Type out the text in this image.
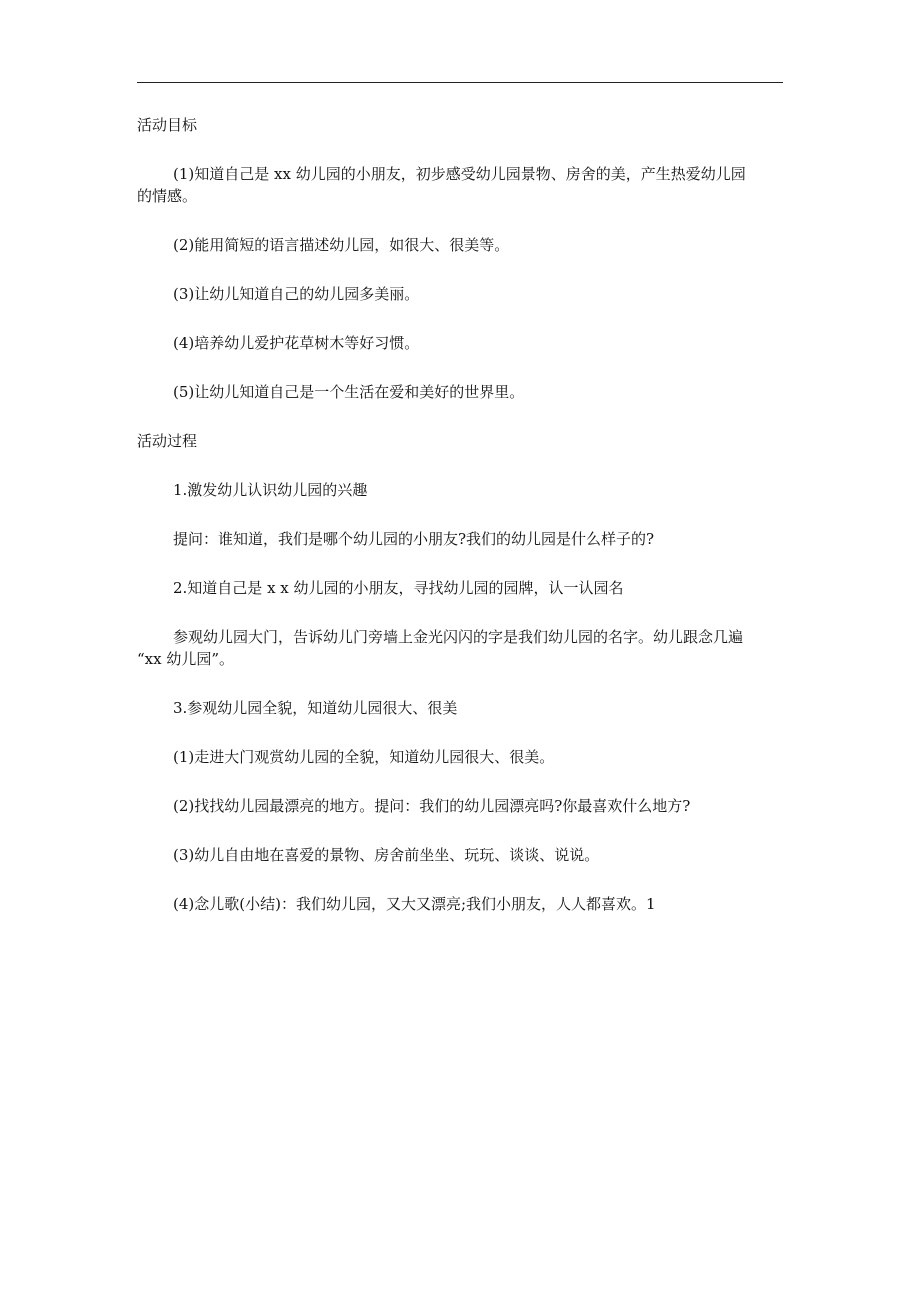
活动目标

(1)知道自己是 xx 幼儿园的小朋友，初步感受幼儿园景物、房舍的美，产生热爱幼儿园

的情感。

(2)能用简短的语言描述幼儿园，如很大、很美等。

(3)让幼儿知道自己的幼儿园多美丽。

(4)培养幼儿爱护花草树木等好习惯。

(5)让幼儿知道自己是一个生活在爱和美好的世界里。

活动过程

1.激发幼儿认识幼儿园的兴趣

提问：谁知道，我们是哪个幼儿园的小朋友?我们的幼儿园是什么样子的?

2.知道自己是 x x 幼儿园的小朋友，寻找幼儿园的园牌，认一认园名

参观幼儿园大门，告诉幼儿门旁墙上金光闪闪的字是我们幼儿园的名字。幼儿跟念几遍

“xx 幼儿园”。

3.参观幼儿园全貌，知道幼儿园很大、很美

(1)走进大门观赏幼儿园的全貌，知道幼儿园很大、很美。

(2)找找幼儿园最漂亮的地方。提问：我们的幼儿园漂亮吗?你最喜欢什么地方?

(3)幼儿自由地在喜爱的景物、房舍前坐坐、玩玩、谈谈、说说。

(4)念儿歌(小结)：我们幼儿园，又大又漂亮;我们小朋友，人人都喜欢。1
